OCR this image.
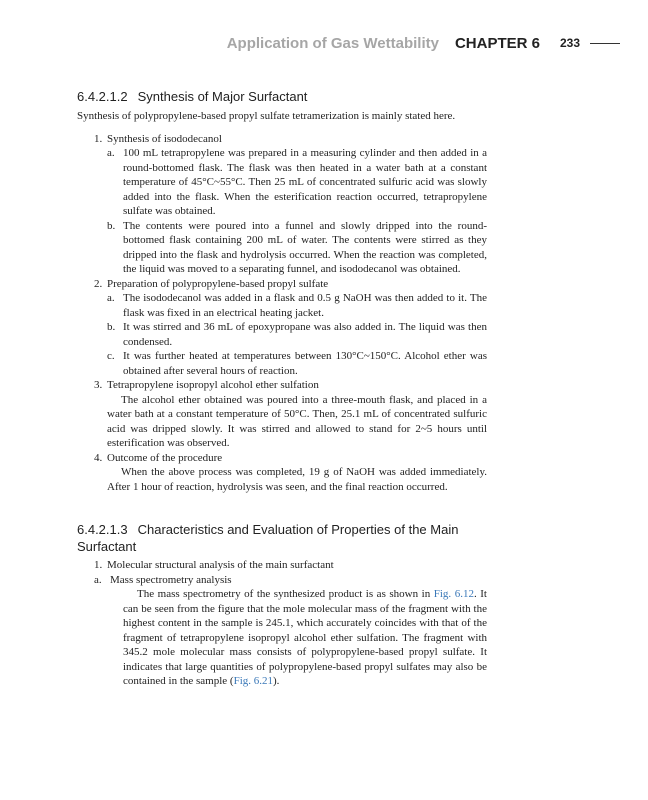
Application of Gas Wettability CHAPTER 6 233
6.4.2.1.2 Synthesis of Major Surfactant

Synthesis of polypropylene-based propyl sulfate tetramerization is mainly stated here.

1. Synthesis of isododecanol
a. 100 mL tetrapropylene was prepared in a measuring cylinder and then added in a round-bottomed flask. The flask was then heated in a water bath at a constant temperature of 45°C~55°C. Then 25 mL of concentrated sulfuric acid was slowly added into the flask. When the esterification reaction occurred, tetrapropylene sulfate was obtained.
b. The contents were poured into a funnel and slowly dripped into the round-bottomed flask containing 200 mL of water. The contents were stirred as they dripped into the flask and hydrolysis occurred. When the reaction was completed, the liquid was moved to a separating funnel, and isododecanol was obtained.
2. Preparation of polypropylene-based propyl sulfate
a. The isododecanol was added in a flask and 0.5 g NaOH was then added to it. The flask was fixed in an electrical heating jacket.
b. It was stirred and 36 mL of epoxypropane was also added in. The liquid was then condensed.
c. It was further heated at temperatures between 130°C~150°C. Alcohol ether was obtained after several hours of reaction.
3. Tetrapropylene isopropyl alcohol ether sulfation

The alcohol ether obtained was poured into a three-mouth flask, and placed in a water bath at a constant temperature of 50°C. Then, 25.1 mL of concentrated sulfuric acid was dripped slowly. It was stirred and allowed to stand for 2~5 hours until esterification was observed.

4. Outcome of the procedure

When the above process was completed, 19 g of NaOH was added immediately. After 1 hour of reaction, hydrolysis was seen, and the final reaction occurred.

6.4.2.1.3 Characteristics and Evaluation of Properties of the Main Surfactant
1. Molecular structural analysis of the main surfactant
a. Mass spectrometry analysis

The mass spectrometry of the synthesized product is as shown in Fig. 6.12. It can be seen from the figure that the mole molecular mass of the fragment with the highest content in the sample is 245.1, which accurately coincides with that of the fragment of tetrapropylene isopropyl alcohol ether sulfation. The fragment with 345.2 mole molecular mass consists of polypropylene-based propyl sulfate. It indicates that large quantities of polypropylene-based propyl sulfates may also be contained in the sample (Fig. 6.21).
